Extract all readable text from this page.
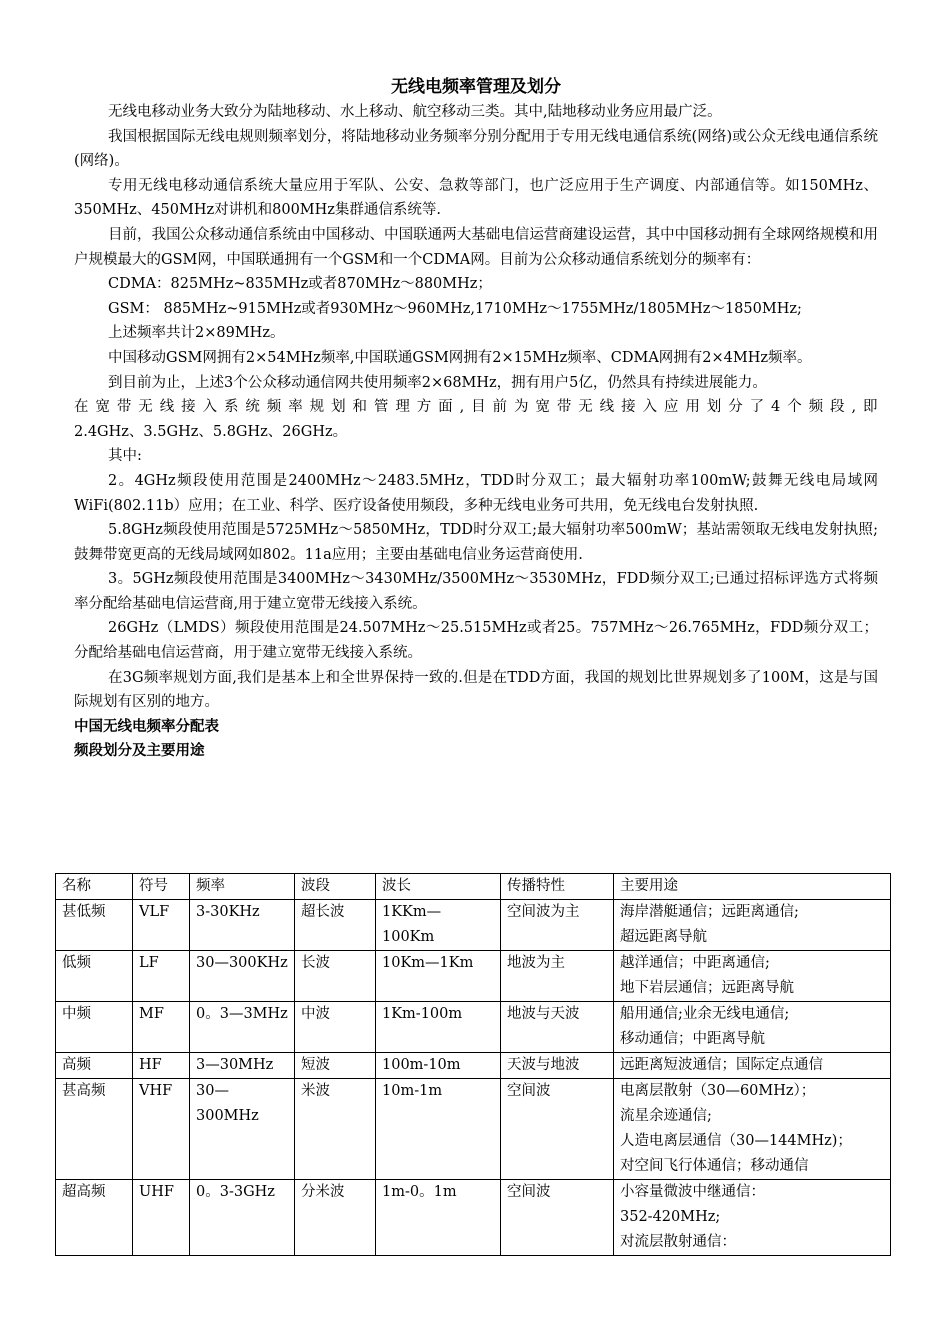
无线电频率管理及划分

无线电移动业务大致分为陆地移动、水上移动、航空移动三类。其中,陆地移动业务应用最广泛。

我国根据国际无线电规则频率划分，将陆地移动业务频率分别分配用于专用无线电通信系统(网络)或公众无线电通信系统(网络)。

专用无线电移动通信系统大量应用于军队、公安、急救等部门，也广泛应用于生产调度、内部通信等。如150MHz、350MHz、450MHz对讲机和800MHz集群通信系统等.

目前，我国公众移动通信系统由中国移动、中国联通两大基础电信运营商建设运营，其中中国移动拥有全球网络规模和用户规模最大的GSM网，中国联通拥有一个GSM和一个CDMA网。目前为公众移动通信系统划分的频率有：

CDMA：825MHz~835MHz或者870MHz～880MHz；

GSM： 885MHz~915MHz或者930MHz～960MHz,1710MHz～1755MHz/1805MHz～1850MHz;

上述频率共计2×89MHz。

中国移动GSM网拥有2×54MHz频率,中国联通GSM网拥有2×15MHz频率、CDMA网拥有2×4MHz频率。

到目前为止，上述3个公众移动通信网共使用频率2×68MHz，拥有用户5亿，仍然具有持续进展能力。

在宽带无线接入系统频率规划和管理方面,目前为宽带无线接入应用划分了4个频段,即

2.4GHz、3.5GHz、5.8GHz、26GHz。

其中:

2。4GHz频段使用范围是2400MHz～2483.5MHz，TDD时分双工；最大辐射功率100mW;鼓舞无线电局域网WiFi(802.11b）应用；在工业、科学、医疗设备使用频段，多种无线电业务可共用，免无线电台发射执照.

5.8GHz频段使用范围是5725MHz～5850MHz，TDD时分双工;最大辐射功率500mW；基站需领取无线电发射执照;鼓舞带宽更高的无线局域网如802。11a应用；主要由基础电信业务运营商使用.

3。5GHz频段使用范围是3400MHz～3430MHz/3500MHz～3530MHz，FDD频分双工;已通过招标评选方式将频率分配给基础电信运营商,用于建立宽带无线接入系统。

26GHz（LMDS）频段使用范围是24.507MHz～25.515MHz或者25。757MHz～26.765MHz，FDD频分双工；分配给基础电信运营商，用于建立宽带无线接入系统。

在3G频率规划方面,我们是基本上和全世界保持一致的.但是在TDD方面，我国的规划比世界规划多了100M，这是与国际规划有区别的地方。

中国无线电频率分配表
频段划分及主要用途
名称	符号	频率	波段	波长	传播特性	主要用途
甚低频	VLF	3-30KHz	超长波	1KKm—
100Km	空间波为主	海岸潜艇通信；远距离通信;
超远距离导航

低频	LF	30—300KHz	长波	10Km—1Km	地波为主	越洋通信；中距离通信;
地下岩层通信；远距离导航

中频	MF	0。3—3MHz	中波	1Km-100m	地波与天波	船用通信;业余无线电通信;
移动通信；中距离导航

高频	HF	3—30MHz	短波	100m-10m	天波与地波	远距离短波通信；国际定点通信

甚高频	VHF	30—300MHz	米波	10m-1m	空间波	电离层散射（30—60MHz）；
流星余迹通信;
人造电离层通信（30—144MHz)；
对空间飞行体通信；移动通信

超高频	UHF	0。3-3GHz	分米波	1m-0。1m	空间波	小容量微波中继通信：
352-420MHz;
对流层散射通信：
